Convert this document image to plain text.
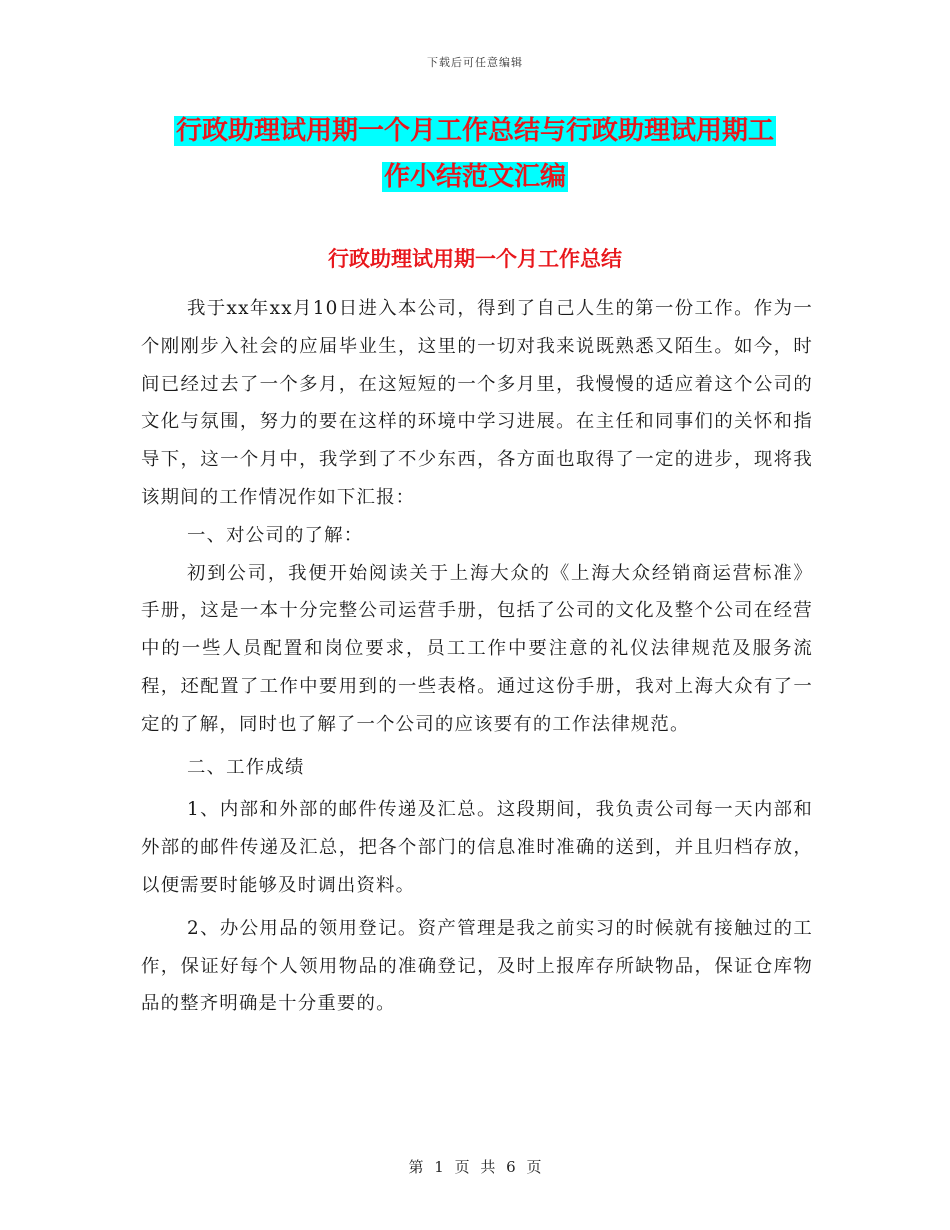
下载后可任意编辑
行政助理试用期一个月工作总结与行政助理试用期工
作小结范文汇编
行政助理试用期一个月工作总结

我于xx年xx月10日进入本公司，得到了自己人生的第一份工作。作为一个刚刚步入社会的应届毕业生，这里的一切对我来说既熟悉又陌生。如今，时间已经过去了一个多月，在这短短的一个多月里，我慢慢的适应着这个公司的文化与氛围，努力的要在这样的环境中学习进展。在主任和同事们的关怀和指导下，这一个月中，我学到了不少东西，各方面也取得了一定的进步，现将我该期间的工作情况作如下汇报：

一、对公司的了解：

初到公司，我便开始阅读关于上海大众的《上海大众经销商运营标准》手册，这是一本十分完整公司运营手册，包括了公司的文化及整个公司在经营中的一些人员配置和岗位要求，员工工作中要注意的礼仪法律规范及服务流程，还配置了工作中要用到的一些表格。通过这份手册，我对上海大众有了一定的了解，同时也了解了一个公司的应该要有的工作法律规范。

二、工作成绩

1、内部和外部的邮件传递及汇总。这段期间，我负责公司每一天内部和外部的邮件传递及汇总，把各个部门的信息准时准确的送到，并且归档存放，以便需要时能够及时调出资料。

2、办公用品的领用登记。资产管理是我之前实习的时候就有接触过的工作，保证好每个人领用物品的准确登记，及时上报库存所缺物品，保证仓库物品的整齐明确是十分重要的。

第 1 页 共 6 页
